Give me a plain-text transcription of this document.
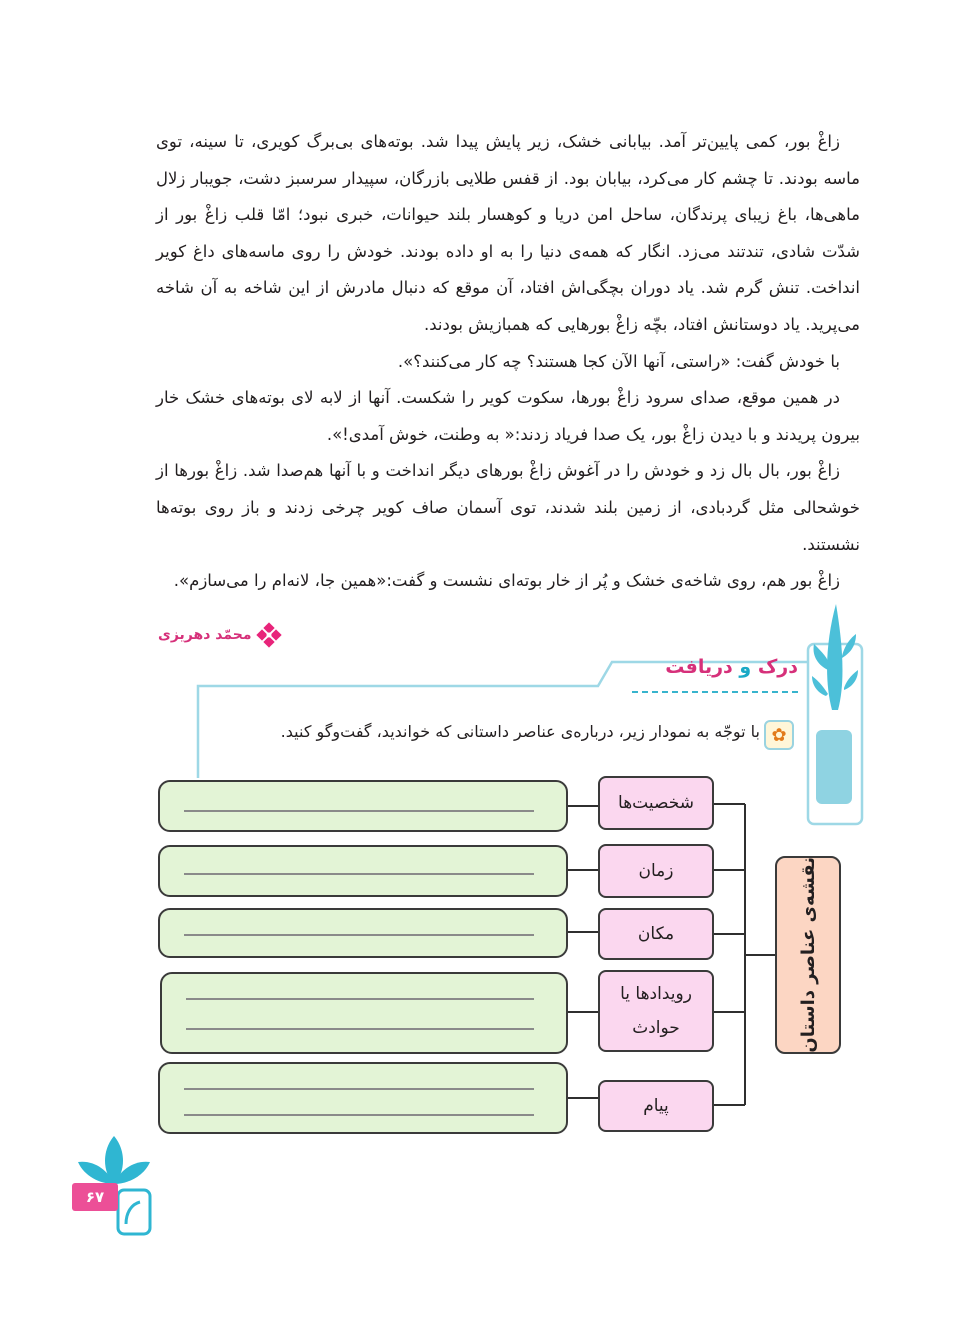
زاغْ بور، کمی پایین‌تر آمد. بیابانی خشک، زیر پایش پیدا شد. بوته‌های بی‌برگ کویری، تا سینه، توی ماسه بودند. تا چشم کار می‌کرد، بیابان بود. از قفس طلایی بازرگان، سپیدار سرسبز دشت، جویبار زلال ماهی‌ها، باغ زیبای پرندگان، ساحل امن دریا و کوهسار بلند حیوانات، خبری نبود؛ امّا قلب زاغْ بور از شدّت شادی، تندتند می‌زد. انگار که همه‌ی دنیا را به او داده بودند. خودش را روی ماسه‌های داغ کویر انداخت. تنش گرم شد. یاد دوران بچگی‌اش افتاد، آن موقع که دنبال مادرش از این شاخه به آن شاخه می‌پرید. یاد دوستانش افتاد، بچّه زاغْ بورهایی که همبازیش بودند.

با خودش گفت: «راستی، آنها الآن کجا هستند؟ چه کار می‌کنند؟».

در همین موقع، صدای سرود زاغْ بورها، سکوت کویر را شکست. آنها از لابه لای بوته‌های خشک خار بیرون پریدند و با دیدن زاغْ بور، یک صدا فریاد زدند:« به وطنت، خوش آمدی!».

زاغْ بور، بال بال زد و خودش را در آغوش زاغْ بورهای دیگر انداخت و با آنها هم‌صدا شد. زاغْ بورها از خوشحالی مثل گردبادی، از زمین بلند شدند، توی آسمان صاف کویر چرخی زدند و باز روی بوته‌ها نشستند.

زاغْ بور هم، روی شاخه‌ی خشک و پُر از خار بوته‌ای نشست و گفت:«همین جا، لانه‌ام را می‌سازم».

محمّد دهریزی
درک و دریافت
✿
با توجّه به نمودار زیر، درباره‌ی عناصر داستانی که خواندید، گفت‌وگو کنید.
نقشه‌ی عناصر داستان
شخصیت‌ها
زمان
مکان
رویدادها یا حوادث
پیام
۶۷
